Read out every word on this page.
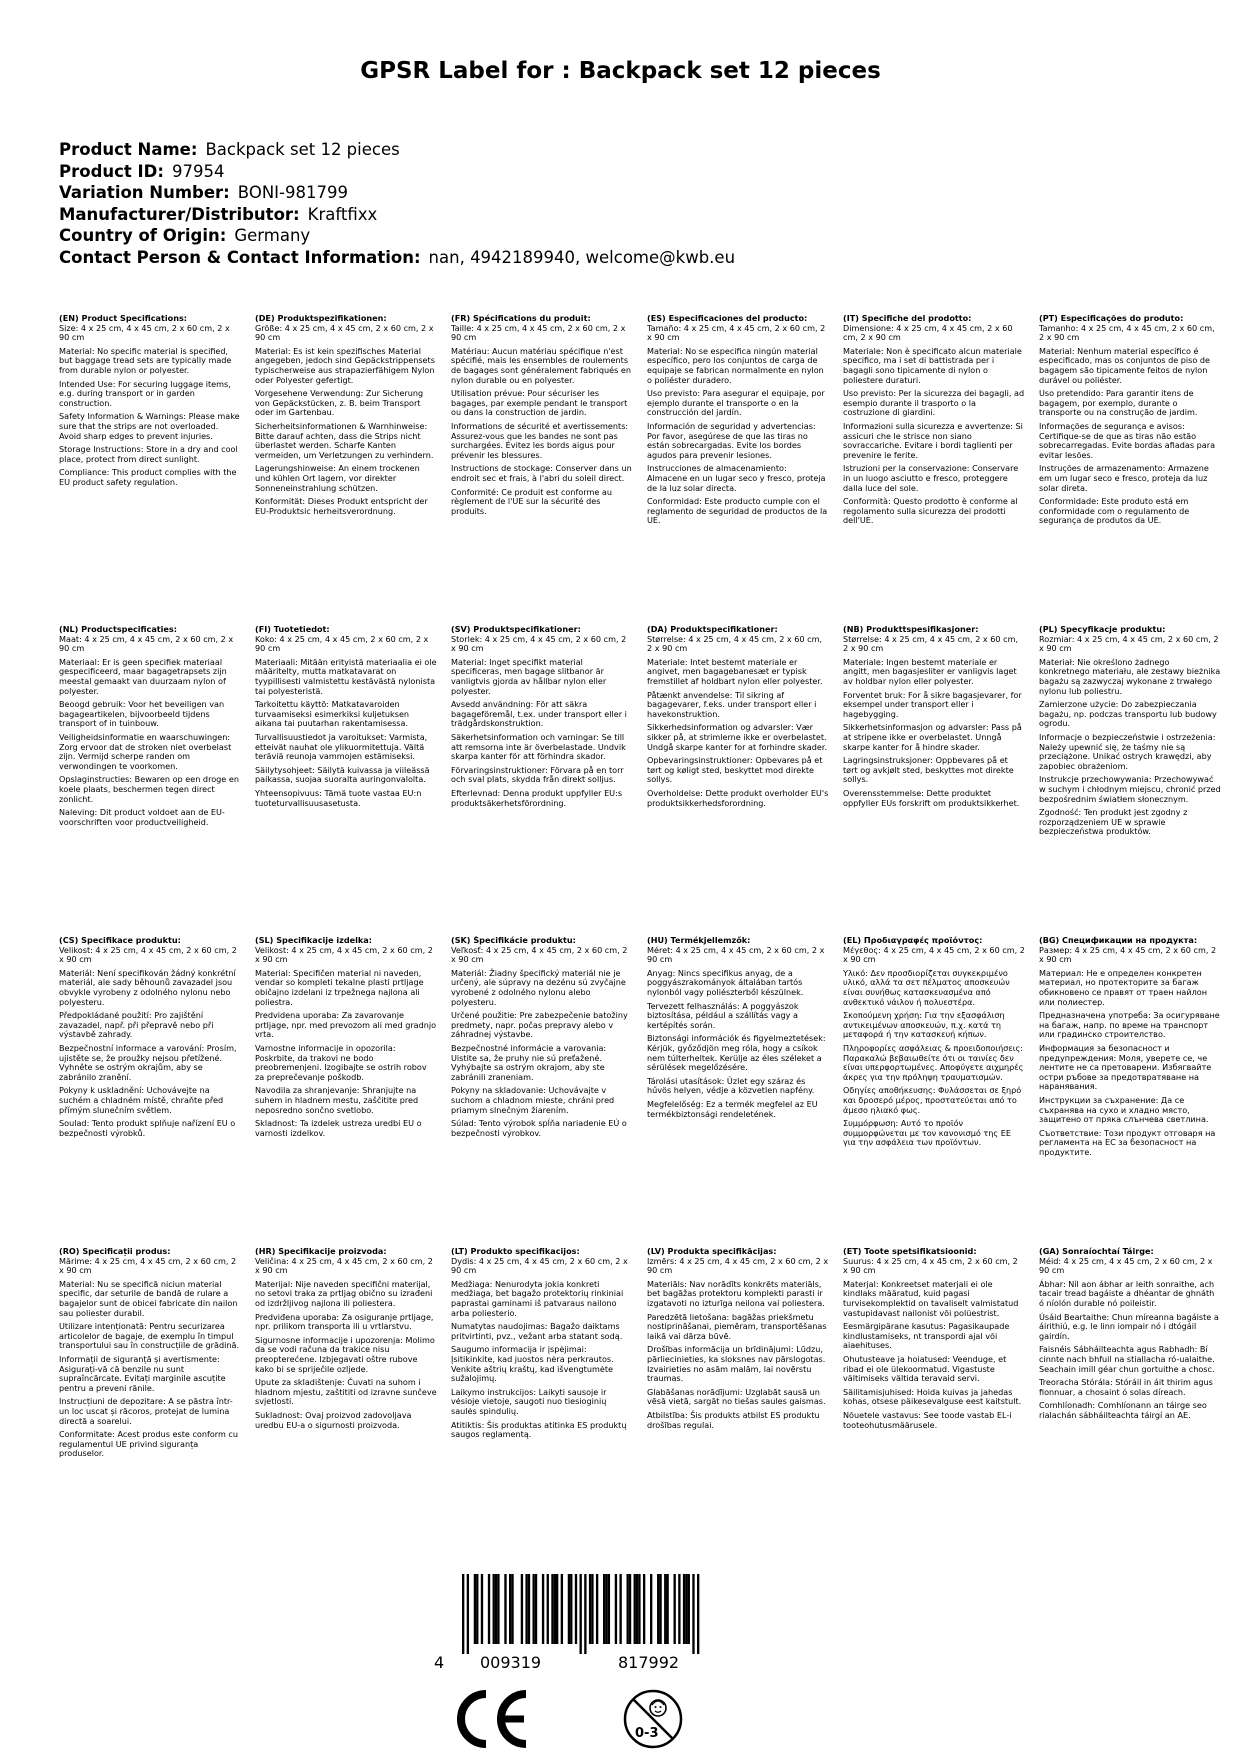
GPSR Label for : Backpack set 12 pieces
Product Name: Backpack set 12 pieces
Product ID: 97954
Variation Number: BONI-981799
Manufacturer/Distributor: Kraftfixx
Country of Origin: Germany
Contact Person & Contact Information: nan, 4942189940, welcome@kwb.eu

(EN) Product Specifications:
Size: 4 x 25 cm, 4 x 45 cm, 2 x 60 cm, 2 x 90 cm

Material: No specific material is specified, but baggage tread sets are typically made from durable nylon or polyester.

Intended Use: For securing luggage items, e.g. during transport or in garden construction.

Safety Information & Warnings: Please make sure that the strips are not overloaded. Avoid sharp edges to prevent injuries.

Storage Instructions: Store in a dry and cool place, protect from direct sunlight.

Compliance: This product complies with the EU product safety regulation.

(DE) Produktspezifikationen:
Größe: 4 x 25 cm, 4 x 45 cm, 2 x 60 cm, 2 x 90 cm

Material: Es ist kein spezifisches Material angegeben, jedoch sind Gepäckstrippensets typischerweise aus strapazierfähigem Nylon oder Polyester gefertigt.

Vorgesehene Verwendung: Zur Sicherung von Gepäckstücken, z. B. beim Transport oder im Gartenbau.

Sicherheitsinformationen & Warnhinweise: Bitte darauf achten, dass die Strips nicht überlastet werden. Scharfe Kanten vermeiden, um Verletzungen zu verhindern.

Lagerungshinweise: An einem trockenen und kühlen Ort lagern, vor direkter Sonneneinstrahlung schützen.

Konformität: Dieses Produkt entspricht der EU-Produktsic herheitsverordnung.

(FR) Spécifications du produit:
Taille: 4 x 25 cm, 4 x 45 cm, 2 x 60 cm, 2 x 90 cm

Matériau: Aucun matériau spécifique n'est spécifié, mais les ensembles de roulements de bagages sont généralement fabriqués en nylon durable ou en polyester.

Utilisation prévue: Pour sécuriser les bagages, par exemple pendant le transport ou dans la construction de jardin.

Informations de sécurité et avertissements: Assurez-vous que les bandes ne sont pas surchargées. Évitez les bords aigus pour prévenir les blessures.

Instructions de stockage: Conserver dans un endroit sec et frais, à l'abri du soleil direct.

Conformité: Ce produit est conforme au règlement de l'UE sur la sécurité des produits.

(ES) Especificaciones del producto:
Tamaño: 4 x 25 cm, 4 x 45 cm, 2 x 60 cm, 2 x 90 cm

Material: No se especifica ningún material específico, pero los conjuntos de carga de equipaje se fabrican normalmente en nylon o poliéster duradero.

Uso previsto: Para asegurar el equipaje, por ejemplo durante el transporte o en la construcción del jardín.

Información de seguridad y advertencias: Por favor, asegúrese de que las tiras no están sobrecargadas. Evite los bordes agudos para prevenir lesiones.

Instrucciones de almacenamiento: Almacene en un lugar seco y fresco, proteja de la luz solar directa.

Conformidad: Este producto cumple con el reglamento de seguridad de productos de la UE.

(IT) Specifiche del prodotto:
Dimensione: 4 x 25 cm, 4 x 45 cm, 2 x 60 cm, 2 x 90 cm

Materiale: Non è specificato alcun materiale specifico, ma i set di battistrada per i bagagli sono tipicamente di nylon o poliestere duraturi.

Uso previsto: Per la sicurezza dei bagagli, ad esempio durante il trasporto o la costruzione di giardini.

Informazioni sulla sicurezza e avvertenze: Si assicuri che le strisce non siano sovraccariche. Evitare i bordi taglienti per prevenire le ferite.

Istruzioni per la conservazione: Conservare in un luogo asciutto e fresco, proteggere dalla luce del sole.

Conformità: Questo prodotto è conforme al regolamento sulla sicurezza dei prodotti dell'UE.

(PT) Especificações do produto:
Tamanho: 4 x 25 cm, 4 x 45 cm, 2 x 60 cm, 2 x 90 cm

Material: Nenhum material específico é especificado, mas os conjuntos de piso de bagagem são tipicamente feitos de nylon durável ou poliéster.

Uso pretendido: Para garantir itens de bagagem, por exemplo, durante o transporte ou na construção de jardim.

Informações de segurança e avisos: Certifique-se de que as tiras não estão sobrecarregadas. Evite bordas afiadas para evitar lesões.

Instruções de armazenamento: Armazene em um lugar seco e fresco, proteja da luz solar direta.

Conformidade: Este produto está em conformidade com o regulamento de segurança de produtos da UE.

(NL) Productspecificaties:
Maat: 4 x 25 cm, 4 x 45 cm, 2 x 60 cm, 2 x 90 cm

Materiaal: Er is geen specifiek materiaal gespecificeerd, maar bagagetrapsets zijn meestal gemaakt van duurzaam nylon of polyester.

Beoogd gebruik: Voor het beveiligen van bagageartikelen, bijvoorbeeld tijdens transport of in tuinbouw.

Veiligheidsinformatie en waarschuwingen: Zorg ervoor dat de stroken niet overbelast zijn. Vermijd scherpe randen om verwondingen te voorkomen.

Opslaginstructies: Bewaren op een droge en koele plaats, beschermen tegen direct zonlicht.

Naleving: Dit product voldoet aan de EU-voorschriften voor productveiligheid.

(FI) Tuotetiedot:
Koko: 4 x 25 cm, 4 x 45 cm, 2 x 60 cm, 2 x 90 cm

Materiaali: Mitään erityistä materiaalia ei ole määritelty, mutta matkatavarat on tyypillisesti valmistettu kestävästä nylonista tai polyesteristä.

Tarkoitettu käyttö: Matkatavaroiden turvaamiseksi esimerkiksi kuljetuksen aikana tai puutarhan rakentamisessa.

Turvallisuustiedot ja varoitukset: Varmista, etteivät nauhat ole ylikuormitettuja. Vältä teräviä reunoja vammojen estämiseksi.

Säilytysohjeet: Säilytä kuivassa ja viileässä paikassa, suojaa suoralta auringonvalolta.

Yhteensopivuus: Tämä tuote vastaa EU:n tuoteturvallisuusasetusta.

(SV) Produktspecifikationer:
Storlek: 4 x 25 cm, 4 x 45 cm, 2 x 60 cm, 2 x 90 cm

Material: Inget specifikt material specificeras, men bagage slitbanor är vanligtvis gjorda av hållbar nylon eller polyester.

Avsedd användning: För att säkra bagageföremål, t.ex. under transport eller i trädgårdskonstruktion.

Säkerhetsinformation och varningar: Se till att remsorna inte är överbelastade. Undvik skarpa kanter för att förhindra skador.

Förvaringsinstruktioner: Förvara på en torr och sval plats, skydda från direkt solljus.

Efterlevnad: Denna produkt uppfyller EU:s produktsäkerhetsförordning.

(DA) Produktspecifikationer:
Størrelse: 4 x 25 cm, 4 x 45 cm, 2 x 60 cm, 2 x 90 cm

Materiale: Intet bestemt materiale er angivet, men bagagebanesæt er typisk fremstillet af holdbart nylon eller polyester.

Påtænkt anvendelse: Til sikring af bagagevarer, f.eks. under transport eller i havekonstruktion.

Sikkerhedsinformation og advarsler: Vær sikker på, at strimlerne ikke er overbelastet. Undgå skarpe kanter for at forhindre skader.

Opbevaringsinstruktioner: Opbevares på et tørt og køligt sted, beskyttet mod direkte sollys.

Overholdelse: Dette produkt overholder EU's produktsikkerhedsforordning.

(NB) Produkttspesifikasjoner:
Størrelse: 4 x 25 cm, 4 x 45 cm, 2 x 60 cm, 2 x 90 cm

Materiale: Ingen bestemt materiale er angitt, men bagasjesliter er vanligvis laget av holdbar nylon eller polyester.

Forventet bruk: For å sikre bagasjevarer, for eksempel under transport eller i hagebygging.

Sikkerhetsinformasjon og advarsler: Pass på at stripene ikke er overbelastet. Unngå skarpe kanter for å hindre skader.

Lagringsinstruksjoner: Oppbevares på et tørt og avkjølt sted, beskyttes mot direkte sollys.

Overensstemmelse: Dette produktet oppfyller EUs forskrift om produktsikkerhet.

(PL) Specyfikacje produktu:
Rozmiar: 4 x 25 cm, 4 x 45 cm, 2 x 60 cm, 2 x 90 cm

Materiał: Nie określono żadnego konkretnego materiału, ale zestawy bieżnika bagażu są zazwyczaj wykonane z trwałego nylonu lub poliestru.

Zamierzone użycie: Do zabezpieczania bagażu, np. podczas transportu lub budowy ogrodu.

Informacje o bezpieczeństwie i ostrzeżenia: Należy upewnić się, że taśmy nie są przeciążone. Unikać ostrych krawędzi, aby zapobiec obrażeniom.

Instrukcje przechowywania: Przechowywać w suchym i chłodnym miejscu, chronić przed bezpośrednim światłem słonecznym.

Zgodność: Ten produkt jest zgodny z rozporządzeniem UE w sprawie bezpieczeństwa produktów.

(CS) Specifikace produktu:
Velikost: 4 x 25 cm, 4 x 45 cm, 2 x 60 cm, 2 x 90 cm

Materiál: Není specifikován žádný konkrétní materiál, ale sady běhounů zavazadel jsou obvykle vyrobeny z odolného nylonu nebo polyesteru.

Předpokládané použití: Pro zajištění zavazadel, např. při přepravě nebo při výstavbě zahrady.

Bezpečnostní informace a varování: Prosím, ujistěte se, že proužky nejsou přetížené. Vyhněte se ostrým okrajům, aby se zabránilo zranění.

Pokyny k uskladnění: Uchovávejte na suchém a chladném místě, chraňte před přímým slunečním světlem.

Soulad: Tento produkt splňuje nařízení EU o bezpečnosti výrobků.

(SL) Specifikacije izdelka:
Velikost: 4 x 25 cm, 4 x 45 cm, 2 x 60 cm, 2 x 90 cm

Material: Specifičen material ni naveden, vendar so kompleti tekalne plasti prtljage običajno izdelani iz trpežnega najlona ali poliestra.

Predvidena uporaba: Za zavarovanje prtljage, npr. med prevozom ali med gradnjo vrta.

Varnostne informacije in opozorila: Poskrbite, da trakovi ne bodo preobremenjeni. Izogibajte se ostrih robov za preprečevanje poškodb.

Navodila za shranjevanje: Shranjujte na suhem in hladnem mestu, zaščitite pred neposredno sončno svetlobo.

Skladnost: Ta izdelek ustreza uredbi EU o varnosti izdelkov.

(SK) Špecifikácie produktu:
Veľkosť: 4 x 25 cm, 4 x 45 cm, 2 x 60 cm, 2 x 90 cm

Materiál: Žiadny špecifický materiál nie je určený, ale súpravy na dezénu sú zvyčajne vyrobené z odolného nylonu alebo polyesteru.

Určené použitie: Pre zabezpečenie batožiny predmety, napr. počas prepravy alebo v záhradnej výstavbe.

Bezpečnostné informácie a varovania: Uistite sa, že pruhy nie sú preťažené. Vyhýbajte sa ostrým okrajom, aby ste zabránili zraneniam.

Pokyny na skladovanie: Uchovávajte v suchom a chladnom mieste, chráni pred priamym slnečným žiarením.

Súlad: Tento výrobok spĺňa nariadenie EÚ o bezpečnosti výrobkov.

(HU) Termékjellemzők:
Méret: 4 x 25 cm, 4 x 45 cm, 2 x 60 cm, 2 x 90 cm

Anyag: Nincs specifikus anyag, de a poggyászrakományok általában tartós nylonból vagy poliészterből készülnek.

Tervezett felhasználás: A poggyászok biztosítása, például a szállítás vagy a kertépítés során.

Biztonsági információk és figyelmeztetések: Kérjük, győződjön meg róla, hogy a csíkok nem túlterheltek. Kerülje az éles széleket a sérülések megelőzésére.

Tárolási utasítások: Üzlet egy száraz és hűvös helyen, védje a közvetlen napfény.

Megfelelőség: Ez a termék megfelel az EU termékbiztonsági rendeletének.

(EL) Προδιαγραφές προϊόντος:
Μέγεθος: 4 x 25 cm, 4 x 45 cm, 2 x 60 cm, 2 x 90 cm

Υλικό: Δεν προσδιορίζεται συγκεκριμένο υλικό, αλλά τα σετ πέλματος αποσκευών είναι συνήθως κατασκευασμένα από ανθεκτικό νάιλον ή πολυεστέρα.

Σκοπούμενη χρήση: Για την εξασφάλιση αντικειμένων αποσκευών, π.χ. κατά τη μεταφορά ή την κατασκευή κήπων.

Πληροφορίες ασφάλειας & προειδοποιήσεις: Παρακαλώ βεβαιωθείτε ότι οι ταινίες δεν είναι υπερφορτωμένες. Αποφύγετε αιχμηρές άκρες για την πρόληψη τραυματισμών.

Οδηγίες αποθήκευσης: Φυλάσσεται σε ξηρό και δροσερό μέρος, προστατεύεται από το άμεσο ηλιακό φως.

Συμμόρφωση: Αυτό το προϊόν συμμορφώνεται με τον κανονισμό της ΕΕ για την ασφάλεια των προϊόντων.

(BG) Спецификации на продукта:
Размер: 4 x 25 cm, 4 x 45 cm, 2 x 60 cm, 2 x 90 cm

Материал: Не е определен конкретен материал, но протекторите за багаж обикновено се правят от траен найлон или полиестер.

Предназначена употреба: За осигуряване на багаж, напр. по време на транспорт или градинско строителство.

Информация за безопасност и предупреждения: Моля, уверете се, че лентите не са претоварени. Избягвайте остри ръбове за предотвратяване на наранявания.

Инструкции за съхранение: Да се съхранява на сухо и хладно място, защитено от пряка слънчева светлина.

Съответствие: Този продукт отговаря на регламента на ЕС за безопасност на продуктите.

(RO) Specificații produs:
Mărime: 4 x 25 cm, 4 x 45 cm, 2 x 60 cm, 2 x 90 cm

Material: Nu se specifică niciun material specific, dar seturile de bandă de rulare a bagajelor sunt de obicei fabricate din nailon sau poliester durabil.

Utilizare intenționată: Pentru securizarea articolelor de bagaje, de exemplu în timpul transportului sau în construcțiile de grădină.

Informații de siguranță și avertismente: Asigurați-vă că benzile nu sunt supraîncărcate. Evitați marginile ascuțite pentru a preveni rănile.

Instrucțiuni de depozitare: A se păstra într- un loc uscat și răcoros, protejat de lumina directă a soarelui.

Conformitate: Acest produs este conform cu regulamentul UE privind siguranța produselor.

(HR) Specifikacije proizvoda:
Veličina: 4 x 25 cm, 4 x 45 cm, 2 x 60 cm, 2 x 90 cm

Materijal: Nije naveden specifični materijal, no setovi traka za prtljag obično su izrađeni od izdržljivog najlona ili poliestera.

Predviđena uporaba: Za osiguranje prtljage, npr. prilikom transporta ili u vrtlarstvu.

Sigurnosne informacije i upozorenja: Molimo da se vodi računa da trakice nisu preopterećene. Izbjegavati oštre rubove kako bi se spriječile ozljede.

Upute za skladištenje: Čuvati na suhom i hladnom mjestu, zaštititi od izravne sunčeve svjetlosti.

Sukladnost: Ovaj proizvod zadovoljava uredbu EU-a o sigurnosti proizvoda.

(LT) Produkto specifikacijos:
Dydis: 4 x 25 cm, 4 x 45 cm, 2 x 60 cm, 2 x 90 cm

Medžiaga: Nenurodyta jokia konkreti medžiaga, bet bagažo protektorių rinkiniai paprastai gaminami iš patvaraus nailono arba poliesterio.

Numatytas naudojimas: Bagažo daiktams pritvirtinti, pvz., vežant arba statant sodą.

Saugumo informacija ir įspėjimai: Įsitikinkite, kad juostos nėra perkrautos. Venkite aštrių kraštų, kad išvengtumėte sužalojimų.

Laikymo instrukcijos: Laikyti sausoje ir vėsioje vietoje, saugoti nuo tiesioginių saulės spindulių.

Atitiktis: Šis produktas atitinka ES produktų saugos reglamentą.

(LV) Produkta specifikācijas:
Izmērs: 4 x 25 cm, 4 x 45 cm, 2 x 60 cm, 2 x 90 cm

Materiāls: Nav norādīts konkrēts materiāls, bet bagāžas protektoru komplekti parasti ir izgatavoti no izturīga neilona vai poliestera.

Paredzētā lietošana: bagāžas priekšmetu nostiprināšanai, piemēram, transportēšanas laikā vai dārza būvē.

Drošības informācija un brīdinājumi: Lūdzu, pārliecinieties, ka sloksnes nav pārslogotas. Izvairieties no asām malām, lai novērstu traumas.

Glabāšanas norādījumi: Uzglabāt sausā un vēsā vietā, sargāt no tiešas saules gaismas.

Atbilstība: Šis produkts atbilst ES produktu drošības regulai.

(ET) Toote spetsifikatsioonid:
Suurus: 4 x 25 cm, 4 x 45 cm, 2 x 60 cm, 2 x 90 cm

Materjal: Konkreetset materjali ei ole kindlaks määratud, kuid pagasi turvisekomplektid on tavaliselt valmistatud vastupidavast nailonist või polüestrist.

Eesmärgipärane kasutus: Pagasikaupade kindlustamiseks, nt transpordi ajal või aiaehituses.

Ohutusteave ja hoiatused: Veenduge, et ribad ei ole ülekoormatud. Vigastuste vältimiseks vältida teravaid servi.

Säilitamisjuhised: Hoida kuivas ja jahedas kohas, otsese päikesevalguse eest kaitstult.

Nõuetele vastavus: See toode vastab EL-i tooteohutusmäärusele.

(GA) Sonraíochtaí Táirge:
Méid: 4 x 25 cm, 4 x 45 cm, 2 x 60 cm, 2 x 90 cm

Ábhar: Níl aon ábhar ar leith sonraithe, ach tacair tread bagáiste a dhéantar de ghnáth ó níolón durable nó poileistir.

Úsáid Beartaithe: Chun míreanna bagáiste a áirithiú, e.g. le linn iompair nó i dtógáil gairdín.

Faisnéis Sábháilteachta agus Rabhadh: Bí cinnte nach bhfuil na stiallacha ró-ualaithe. Seachain imill géar chun gortuithe a chosc.

Treoracha Stórála: Stóráil in áit thirim agus fionnuar, a chosaint ó solas díreach.

Comhlíonadh: Comhlíonann an táirge seo rialachán sábháilteachta táirgí an AE.

4 009319	817992
0-3
